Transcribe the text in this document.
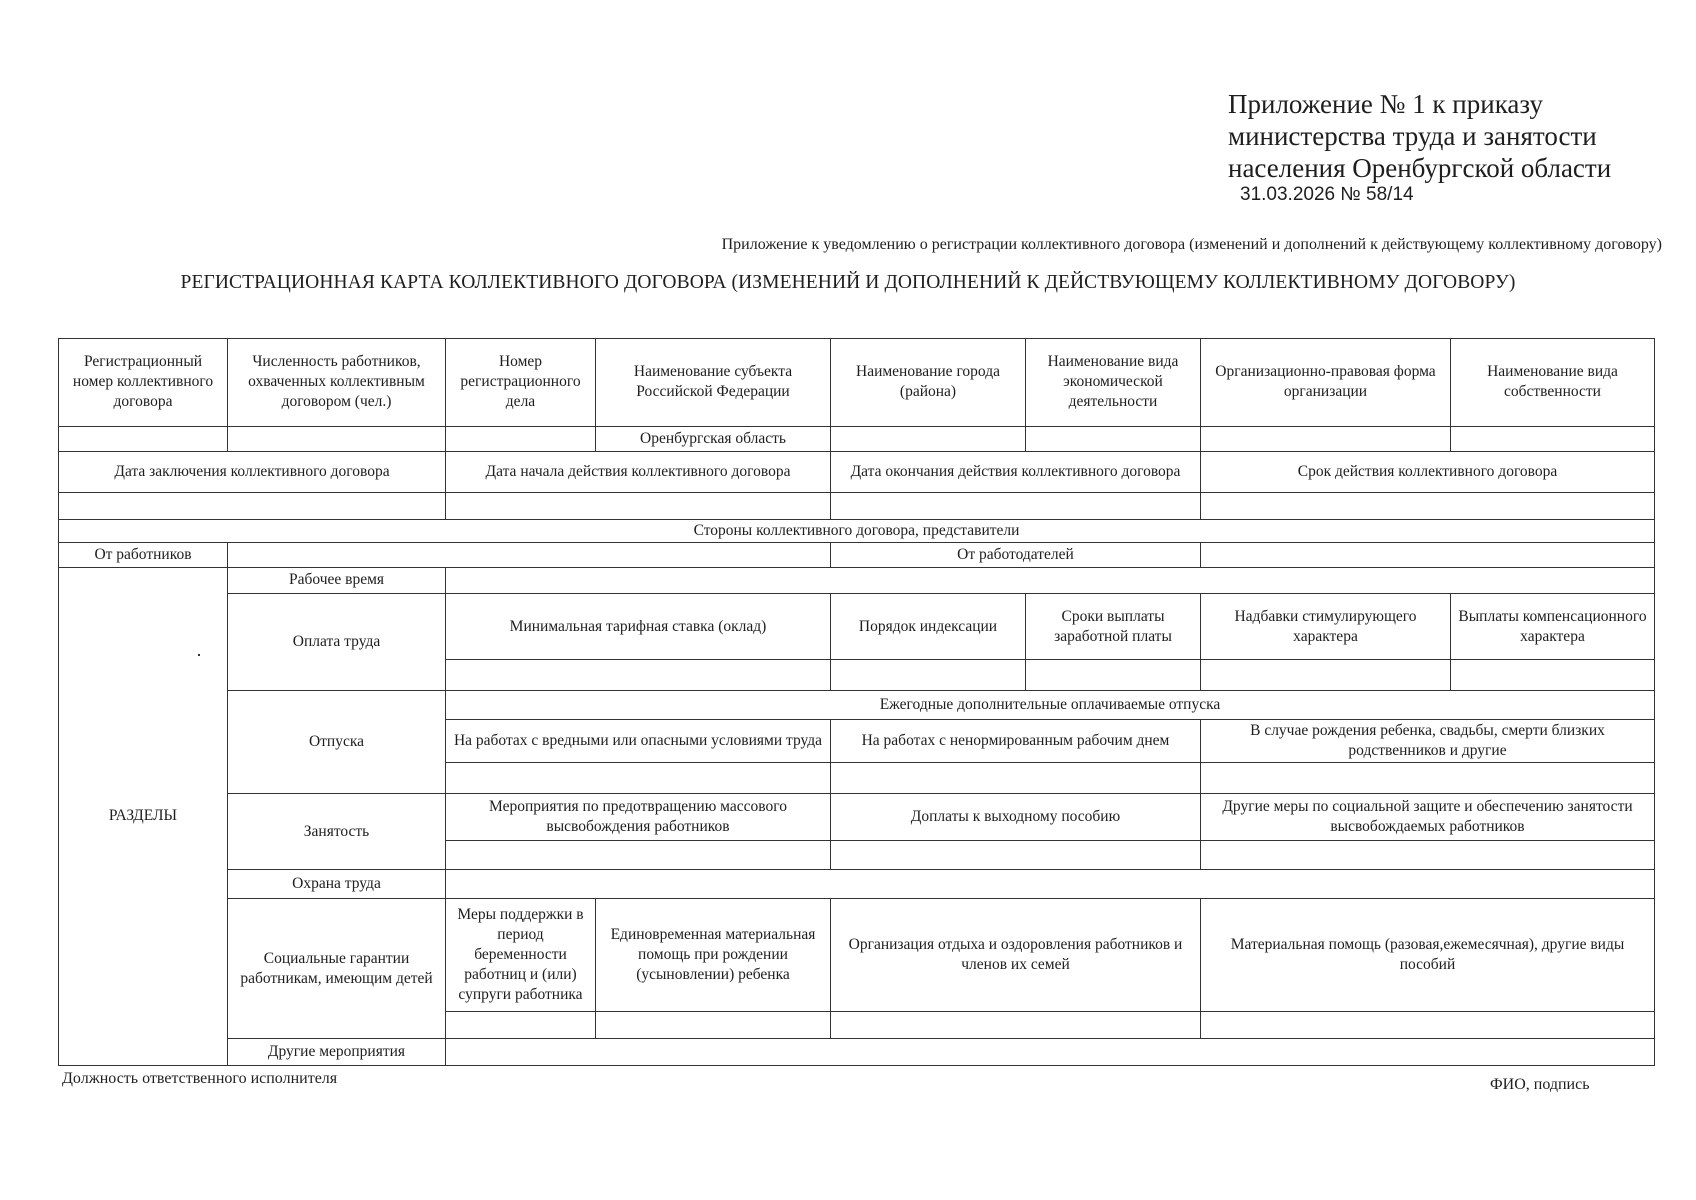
Приложение № 1 к приказу
министерства труда и занятости
населения Оренбургской области
31.03.2026 № 58/14
Приложение к уведомлению о регистрации коллективного договора (изменений и дополнений к действующему коллективному договору)
РЕГИСТРАЦИОННАЯ КАРТА КОЛЛЕКТИВНОГО ДОГОВОРА (ИЗМЕНЕНИЙ И ДОПОЛНЕНИЙ К ДЕЙСТВУЮЩЕМУ КОЛЛЕКТИВНОМУ ДОГОВОРУ)
Регистрационный номер коллективного договора	Численность работников, охваченных коллективным договором (чел.)	Номер регистрационного дела	Наименование субъекта Российской Федерации	Наименование города (района)	Наименование вида экономической деятельности	Организационно-правовая форма организации	Наименование вида собственности
			Оренбургская область				
Дата заключения коллективного договора		Дата начала действия коллективного договора		Дата окончания действия коллективного договора		Срок действия коллективного договора	

Стороны коллективного договора, представители							
От работников				От работодателей			
РАЗДЕЛЫ	Рабочее время						
	Оплата труда	Минимальная тарифная ставка (оклад)		Порядок индексации	Сроки выплаты заработной платы	Надбавки стимулирующего характера	Выплаты компенсационного характера

	Отпуска	Ежегодные дополнительные оплачиваемые отпуска					
		На работах с вредными или опасными условиями труда		На работах с ненормированным рабочим днем		В случае рождения ребенка, свадьбы, смерти близких родственников и другие	

	Занятость	Мероприятия по предотвращению массового высвобождения работников		Доплаты к выходному пособию		Другие меры по социальной защите и обеспечению занятости высвобождаемых работников	

	Охрана труда						
	Социальные гарантии работникам, имеющим детей	Меры поддержки в период беременности работниц и (или) супруги работника	Единовременная материальная помощь при рождении (усыновлении) ребенка	Организация отдыха и оздоровления работников и членов их семей		Материальная помощь (разовая,ежемесячная), другие виды пособий	

	Другие мероприятия						
Должность ответственного исполнителя	ФИО, подпись
